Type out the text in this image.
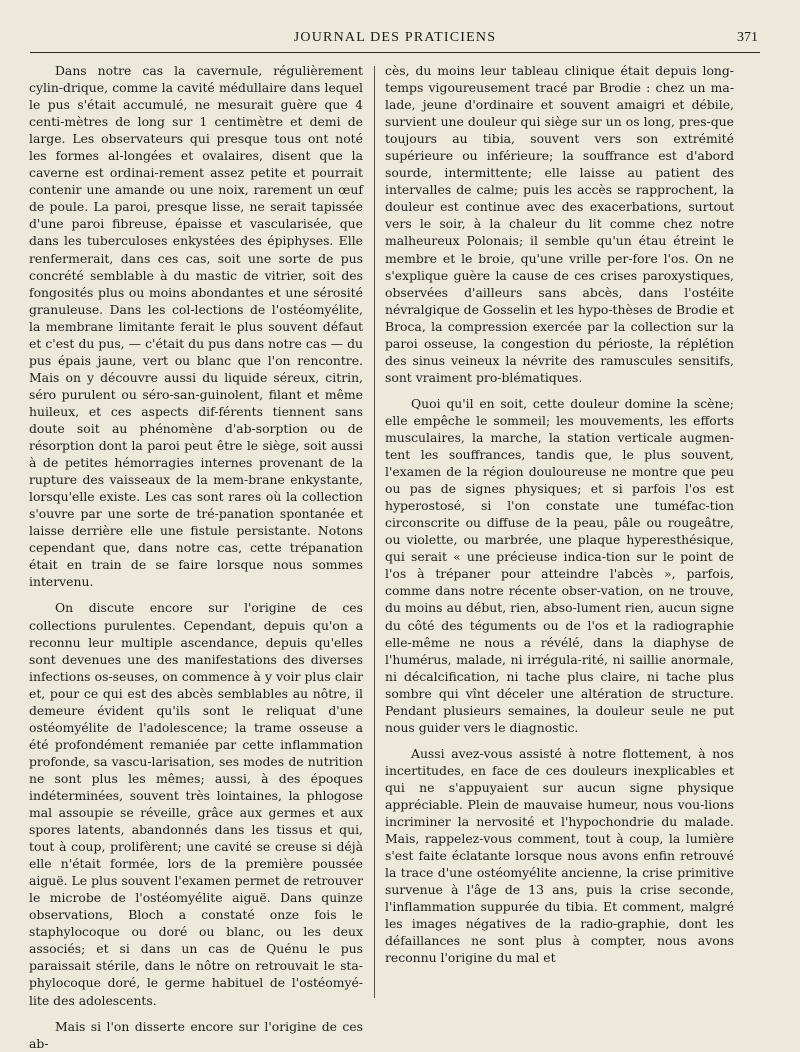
JOURNAL DES PRATICIENS	371

Dans notre cas la cavernule, régulièrement cylin-drique, comme la cavité médullaire dans lequel le pus s'était accumulé, ne mesurait guère que 4 centi-mètres de long sur 1 centimètre et demi de large. Les observateurs qui presque tous ont noté les formes al-longées et ovalaires, disent que la caverne est ordinai-rement assez petite et pourrait contenir une amande ou une noix, rarement un œuf de poule. La paroi, presque lisse, ne serait tapissée d'une paroi fibreuse, épaisse et vascularisée, que dans les tuberculoses enkystées des épiphyses. Elle renfermerait, dans ces cas, soit une sorte de pus concrété semblable à du mastic de vitrier, soit des fongosités plus ou moins abondantes et une sérosité granuleuse. Dans les col-lections de l'ostéomyélite, la membrane limitante ferait le plus souvent défaut et c'est du pus, — c'était du pus dans notre cas — du pus épais jaune, vert ou blanc que l'on rencontre. Mais on y découvre aussi du liquide séreux, citrin, séro purulent ou séro-san-guinolent, filant et même huileux, et ces aspects dif-férents tiennent sans doute soit au phénomène d'ab-sorption ou de résorption dont la paroi peut être le siège, soit aussi à de petites hémorragies internes provenant de la rupture des vaisseaux de la mem-brane enkystante, lorsqu'elle existe. Les cas sont rares où la collection s'ouvre par une sorte de tré-panation spontanée et laisse derrière elle une fistule persistante. Notons cependant que, dans notre cas, cette trépanation était en train de se faire lorsque nous sommes intervenu.

On discute encore sur l'origine de ces collections purulentes. Cependant, depuis qu'on a reconnu leur multiple ascendance, depuis qu'elles sont devenues une des manifestations des diverses infections os-seuses, on commence à y voir plus clair et, pour ce qui est des abcès semblables au nôtre, il demeure évident qu'ils sont le reliquat d'une ostéomyélite de l'adolescence; la trame osseuse a été profondément remaniée par cette inflammation profonde, sa vascu-larisation, ses modes de nutrition ne sont plus les mêmes; aussi, à des époques indéterminées, souvent très lointaines, la phlogose mal assoupie se réveille, grâce aux germes et aux spores latents, abandonnés dans les tissus et qui, tout à coup, prolifèrent; une cavité se creuse si déjà elle n'était formée, lors de la première poussée aiguë. Le plus souvent l'examen permet de retrouver le microbe de l'ostéomyélite aiguë. Dans quinze observations, Bloch a constaté onze fois le staphylocoque ou doré ou blanc, ou les deux associés; et si dans un cas de Quénu le pus paraissait stérile, dans le nôtre on retrouvait le sta-phylocoque doré, le germe habituel de l'ostéomyé-lite des adolescents.

Mais si l'on disserte encore sur l'origine de ces ab-

cès, du moins leur tableau clinique était depuis long-temps vigoureusement tracé par Brodie : chez un ma-lade, jeune d'ordinaire et souvent amaigri et débile, survient une douleur qui siège sur un os long, pres-que toujours au tibia, souvent vers son extrémité supérieure ou inférieure; la souffrance est d'abord sourde, intermittente; elle laisse au patient des intervalles de calme; puis les accès se rapprochent, la douleur est continue avec des exacerbations, surtout vers le soir, à la chaleur du lit comme chez notre malheureux Polonais; il semble qu'un étau étreint le membre et le broie, qu'une vrille per-fore l'os. On ne s'explique guère la cause de ces crises paroxystiques, observées d'ailleurs sans abcès, dans l'ostéite névralgique de Gosselin et les hypo-thèses de Brodie et Broca, la compression exercée par la collection sur la paroi osseuse, la congestion du périoste, la réplétion des sinus veineux la névrite des ramuscules sensitifs, sont vraiment pro-blématiques.

Quoi qu'il en soit, cette douleur domine la scène; elle empêche le sommeil; les mouvements, les efforts musculaires, la marche, la station verticale augmen-tent les souffrances, tandis que, le plus souvent, l'examen de la région douloureuse ne montre que peu ou pas de signes physiques; et si parfois l'os est hyperostosé, si l'on constate une tuméfac-tion circonscrite ou diffuse de la peau, pâle ou rougeâtre, ou violette, ou marbrée, une plaque hyperesthésique, qui serait « une précieuse indica-tion sur le point de l'os à trépaner pour atteindre l'abcès », parfois, comme dans notre récente obser-vation, on ne trouve, du moins au début, rien, abso-lument rien, aucun signe du côté des téguments ou de l'os et la radiographie elle-même ne nous a révélé, dans la diaphyse de l'humérus, malade, ni irrégula-rité, ni saillie anormale, ni décalcification, ni tache plus claire, ni tache plus sombre qui vînt déceler une altération de structure. Pendant plusieurs semaines, la douleur seule ne put nous guider vers le diagnostic.

Aussi avez-vous assisté à notre flottement, à nos incertitudes, en face de ces douleurs inexplicables et qui ne s'appuyaient sur aucun signe physique appréciable. Plein de mauvaise humeur, nous vou-lions incriminer la nervosité et l'hypochondrie du malade. Mais, rappelez-vous comment, tout à coup, la lumière s'est faite éclatante lorsque nous avons enfin retrouvé la trace d'une ostéomyélite ancienne, la crise primitive survenue à l'âge de 13 ans, puis la crise seconde, l'inflammation suppurée du tibia. Et comment, malgré les images négatives de la radio-graphie, dont les défaillances ne sont plus à compter, nous avons reconnu l'origine du mal et
